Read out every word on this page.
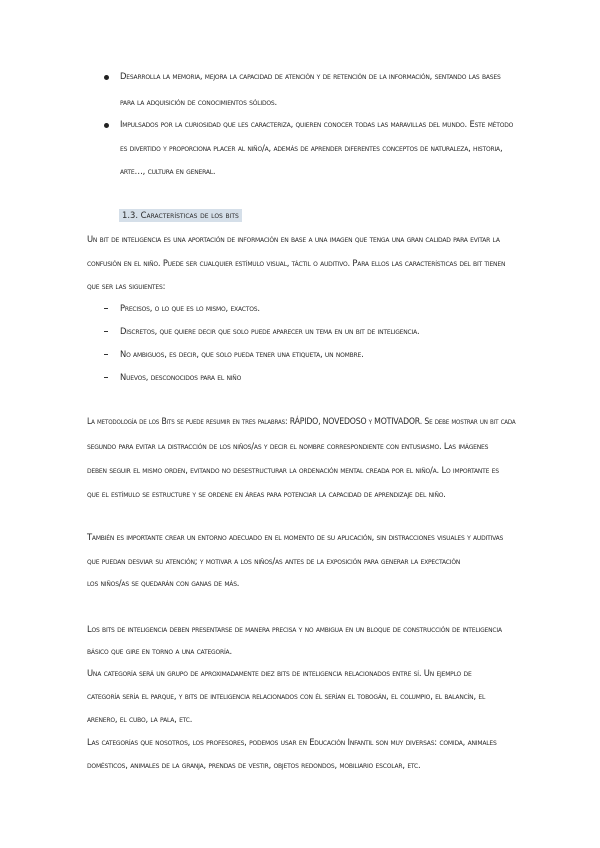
Desarrolla la memoria, mejora la capacidad de atención y de retención de la información, sentando las bases
para la adquisición de conocimientos sólidos.
Impulsados por la curiosidad que les caracteriza, quieren conocer todas las maravillas del mundo. Este método
es divertido y proporciona placer al niño/a, además de aprender diferentes conceptos de naturaleza, historia,
arte…, cultura en general.
1.3. Características de los bits
Un bit de inteligencia es una aportación de información en base a una imagen que tenga una gran calidad para evitar la
confusión en el niño. Puede ser cualquier estímulo visual, táctil o auditivo. Para ellos las características del bit tienen
que ser las siguientes:
Precisos, o lo que es lo mismo, exactos.
Discretos, que quiere decir que solo puede aparecer un tema en un bit de inteligencia.
No ambiguos, es decir, que solo pueda tener una etiqueta, un nombre.
Nuevos, desconocidos para el niño
La metodología de los Bits se puede resumir en tres palabras: RÁPIDO, NOVEDOSO y MOTIVADOR. Se debe mostrar un bit cada
segundo para evitar la distracción de los niños/as y decir el nombre correspondiente con entusiasmo. Las imágenes
deben seguir el mismo orden, evitando no desestructurar la ordenación mental creada por el niño/a. Lo importante es
que el estímulo se estructure y se ordene en áreas para potenciar la capacidad de aprendizaje del niño.
También es importante crear un entorno adecuado en el momento de su aplicación, sin distracciones visuales y auditivas
que puedan desviar su atención; y motivar a los niños/as antes de la exposición para generar la expectación
los niños/as se quedarán con ganas de más.
Los bits de inteligencia deben presentarse de manera precisa y no ambigua en un bloque de construcción de inteligencia
básico que gire en torno a una categoría.
Una categoría será un grupo de aproximadamente diez bits de inteligencia relacionados entre sí. Un ejemplo de
categoría sería el parque, y bits de inteligencia relacionados con él serían el tobogán, el columpio, el balancín, el
arenero, el cubo, la pala, etc.
Las categorías que nosotros, los profesores, podemos usar en Educación Infantil son muy diversas: comida, animales
domésticos, animales de la granja, prendas de vestir, objetos redondos, mobiliario escolar, etc.
